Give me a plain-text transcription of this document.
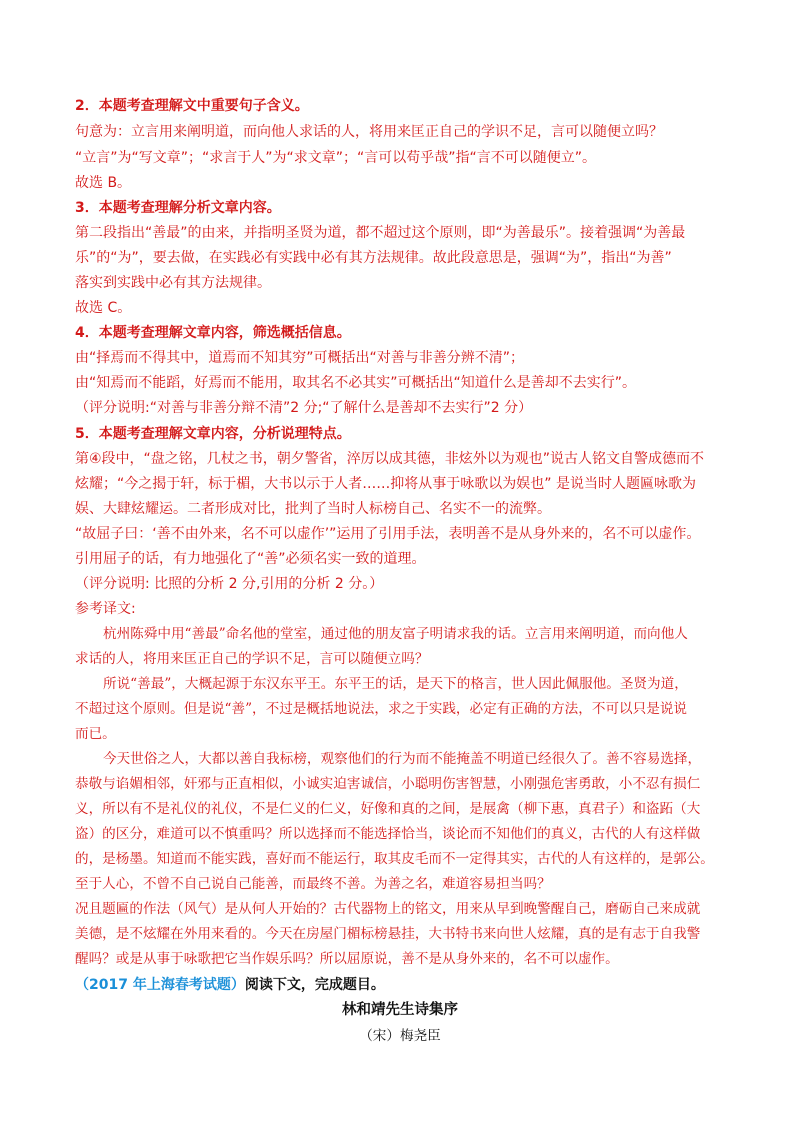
2．本题考查理解文中重要句子含义。
句意为：立言用来阐明道，而向他人求话的人，将用来匡正自己的学识不足，言可以随便立吗？
“立言”为“写文章”；“求言于人”为“求文章”；“言可以苟乎哉”指“言不可以随便立”。
故选 B。
3．本题考查理解分析文章内容。
第二段指出“善最”的由来，并指明圣贤为道，都不超过这个原则，即“为善最乐”。接着强调“为善最
乐”的“为”，要去做，在实践必有实践中必有其方法规律。故此段意思是，强调“为”，指出“为善”
落实到实践中必有其方法规律。
故选 C。
4．本题考查理解文章内容，筛选概括信息。
由“择焉而不得其中，道焉而不知其穷”可概括出“对善与非善分辨不清”；
由“知焉而不能蹈，好焉而不能用，取其名不必其实”可概括出“知道什么是善却不去实行”。
（评分说明:“对善与非善分辩不清”2 分;“了解什么是善却不去实行”2 分）
5．本题考查理解文章内容，分析说理特点。
第④段中，“盘之铭，几杖之书，朝夕警省，淬厉以成其德，非炫外以为观也”说古人铭文自警成德而不
炫耀；“今之揭于轩，标于楣，大书以示于人者……抑将从事于咏歌以为娱也” 是说当时人题匾咏歌为
娱、大肆炫耀运。二者形成对比，批判了当时人标榜自己、名实不一的流弊。
“故屈子曰：‘善不由外来，名不可以虚作’”运用了引用手法，表明善不是从身外来的，名不可以虚作。
引用屈子的话，有力地强化了“善”必须名实一致的道理。
（评分说明: 比照的分析 2 分,引用的分析 2 分。）
参考译文:
杭州陈舜中用“善最”命名他的堂室，通过他的朋友富子明请求我的话。立言用来阐明道，而向他人
求话的人，将用来匡正自己的学识不足，言可以随便立吗？
所说“善最”，大概起源于东汉东平王。东平王的话，是天下的格言，世人因此佩服他。圣贤为道，
不超过这个原则。但是说“善”，不过是概括地说法，求之于实践，必定有正确的方法，不可以只是说说
而已。
今天世俗之人，大都以善自我标榜，观察他们的行为而不能掩盖不明道已经很久了。善不容易选择，
恭敬与谄媚相邻，奸邪与正直相似，小诚实迫害诚信，小聪明伤害智慧，小刚强危害勇敢，小不忍有损仁
义，所以有不是礼仪的礼仪，不是仁义的仁义，好像和真的之间，是展禽（柳下惠，真君子）和盗跖（大
盗）的区分，难道可以不慎重吗？所以选择而不能选择恰当，谈论而不知他们的真义，古代的人有这样做
的，是杨墨。知道而不能实践，喜好而不能运行，取其皮毛而不一定得其实，古代的人有这样的，是郭公。
至于人心，不曾不自己说自己能善，而最终不善。为善之名，难道容易担当吗？
况且题匾的作法（风气）是从何人开始的？古代器物上的铭文，用来从早到晚警醒自己，磨砺自己来成就
美德，是不炫耀在外用来看的。今天在房屋门楣标榜悬挂，大书特书来向世人炫耀，真的是有志于自我警
醒吗？或是从事于咏歌把它当作娱乐吗？所以屈原说，善不是从身外来的，名不可以虚作。
（2017 年上海春考试题）阅读下文，完成题目。
林和靖先生诗集序
（宋）梅尧臣
